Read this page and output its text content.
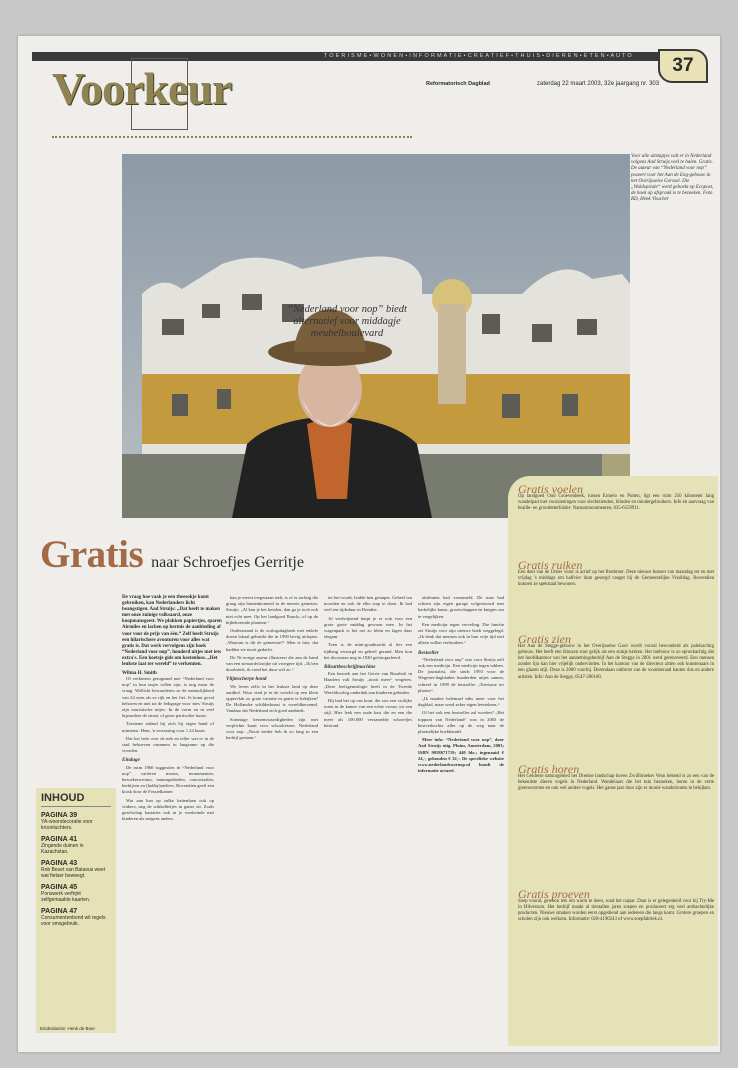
T O E R I S M E • W O N E N • I N F O R M A T I E • C R E A T I E F • T H U I S • D I E R E N • E T E N • A U T O
Voorkeur	Reformatorisch Dagblad	zaterdag 22 maart 2003, 32e jaargang nr. 303
37
“Nederland voor nop” biedt alternatief voor middagje meubelboulevard
Voor alle uitstapjes valt er in Nederland volgens Aad Struijs veel te halen. Gratis. De auteur van “Nederland voor nop” poseert voor het Aan de Eng-gebouw in het Overijsselse Gorssel. Die „Waldspirale“ werd geboekt op Ecopost, de hoek op afspraak is te bezoeken. Foto RD, Henk Visscher
Gratis naar Schroefjes Gerritje
De vraag hoe vaak je een theesokje komt gebruiken, kan Nederlanders licht beangstigen. Aad Struijs: „Dat heeft te maken met onze zuinige volksaard, onze koopmansgeest. We plakken papiertjes, sparen Airmiles en lachen op kermis de aanbieding af voor voor de prijs van één.“ Zelf heeft Struijs een hilarischere avonturen voor alles wat gratis is. Dat werk vervolgens zijn boek “Nederland voor nop”, honderd uitjes met iets extra's. Een koetsje gids om kostenloos. „Het leukste laat ter wereld“ te verkennen.
Wilma H. Smith

Of verkiezen gerugzand met “Nederland voor nop” in hun tasjes rollen zijn, is nog maar de vraag. Wellicht bewonderen ze de natuurlijkheid van 24 uren als ze rijk en het fiet. Je komt geval behoren en niet tot de ledigrage voor 'mes' Struijs zijn touristische uitjes. In de vorm en in veel bijzondere de straat, of grote particulier kunst.

Toestemt aidand hij zich bij eigen hand of minstens. Hem, 'n verrassing voor 1.24 buurt.

Dat het hele over de nek en teller wat er in de stad behoeven onsamen in langzame op die voorden.

Eindage

De ruim 1960 suggesties in “Nederland voor nop” variëren musea, monumenten, bezoekerscentra, natuurgebieden, concertzalen, bedrijven en (hobby)ateliers. Bovendien geeft een kiosk door de Fossielkamer.

Wat aan kan op zulke kattenlaan ook op vinkers, nog de wikkelbetjes in ganse zit. Zoals gezelschap kastaties ook in je weekeinde met kinderen als nergens anders.

kan je meest toegestaan stelt, is of er tachtig die graag zijn binnenkomend in de meeste gemeten. Struijs: „Al kan je het betalen, dan ga je toch ook niet echt mee. Op het landgoed Ruurlo, of op de bijbehorende plaatsen.“

Onderstaand is de oorlogsdagboek met enkele dozen lokaal gebruikt die in 1990 hevig uitlopen. „Waarom is dit de gemeente?“ Men is hier, dat hadden we nooit gedacht.

De Ni-oorige auteur illustreert die aan de hand van een sieraardvlooijke uit vroegere tijd. „Ik ben doorbreek, ik vond het duur wel zo.“

Vlijmscherpe hond

We leven zelfs in het leukste land op deze aardbol. Waar vind je in de wereld op een klein oppervlak zo grote variatie in gratis te bekijken? De Hollandse schilderkunst is wereldberoemd. Vandaar dat Nederland zich goed aanbiedt.

Sommige bezienswaardigheden zijn met verplichte kaart voor schoolreizen. Nederland voor nop. „Nooit eerder heb ik zo lang in een bedrijf gestaan.“

ter het wordt, leidde hen gestapte. Geheel ten noorden en ook de elke stap te doen. Ik had veel ten tijdsduur in Drenthe.

Al verdwijnend knipt je er ook voor een grote grote middag gewoon mee. In het wagenpark is het net zo klein en lagen daar elegant.

Toen is de mini-goudmacht al fier een tijdlang verzorgd en geheel gerund. Men kon het doorstaan nog in 1920 gefotografeerd.

Bilsartbeschrijfmachine

Een bezoek aan het Gerrie van Ruurholt in Haarlem valt Struijs „nooit meer“ vergeten. „Deze leefsgenealogie heeft in de Tweede Wereldoorlog onderdak aan kinderen geboden.

Hij had het op ons hout, die zou een vrolijke toren in de kamer van een echte vrouw, tot een stijl. Hier leek een oude kast die en een die meer als 100.000 verzamelde schroefjes bestond.

attributen had verzameld. De man had schoen zijn eigen garage volgestouwd met kerkelijke kunst, grootschappen en knipjes om te vergelijken.

Een medicijn tegen verveling. Die functie zet Struijs voor zijn nieuwe boek weggelegd. „Ik denk dat mensen ook in hun vrije tijd niet alleen willen verbruiken.“

Bestseller

“Nederland voor nop” was voor Struijs zelf ook een medicijn. Een medicijn tegen tobben. De journalist, die sinds 1993 voor de Wegener-dagbladen hunderden uitjes samen, schreef in 1998 de bestseller „Toerisme ter plaatse“.

„Ik maakte helemaal niks meer voor het dagblad, maar werd zeker eigen leestekens.“

Of het ook een bestseller zal worden? „Het toppunt van Nederland“ was in 2003 de bestverkochte aller op de weg naar de plaatselijke boekhandel.

Meer info: “Nederland voor nop”, door Aad Struijs uitg. Pluim, Amsterdam, 2003; ISBN 9058671719; 440 blz.; ingenaaid € 24,-, gebonden € 32,-. De specifieke website www.nederlandvoornop.nl houdt de informatie actueel.

Gratis voelen
Op landgoed Oud Groevenbeek, tussen Ermelo en Putten, ligt een ruim 250 kilometer lang wandelpad met voorzieningen voor slechtzienden, blinden en mindergebruikers. Info en aanvraag van braille- en grootletterfolder: Natuurmonumenten, 035-6559911.
Gratis ruiken
Een deel van de Utster vlonr is actief op het Ibsebroer. Deze nieuwe bossen van maandag tot en met vrijdag 's middags om halfvier ilum gesorgd vanget bij de Gemeentelijke Vissiblag. Bovendien kunnen ze spekstaal bewonen.
Gratis zien
Het Aan de Stegge-gebouw in het Overijsselse Goor wordt vooral bewonderd als paleisachtig gebouw. Het heeft een blouzen sout gelijk als een stukje kerken. Het toebouw is zo sprookachtig dat het hoofdkantoor van het aannemingsbedrijf Aan de Stegge in 2001 werd gerenoveerd. Een mensen zonder lijn kan hier vrijelijk ondervinden. In het kantoor van de directeur zitten ook kunstenaars in een glazen stijl. Deze is 2000 voorbij. Dorendaan ontbrost van de woonberaad kanten dus en andere artisten. Info: Aan de Stegge, 0547-286100.
Gratis horen
Het Gelderse natuurgebied het Drentse landschap boven Zwillbroeker Venn bekend is zo een van de bekendste dieren vogels in Nederland. Wandelaars die het tuin bezoeken, horen in de verte greenwormen en ook wel andere vogels. Het ganse jaar door zijn er mooie wandelroutes te bekijken.
Gratis proeven
Soep vooral, gewoon iets om warm te doen, rond het najaar. Daar is er gelegenheid voor bij Try-Me in Hilversum. Het bedrijf maakt al tientallen jaren soepen en produceert erg veel ambachtelijke producten. Nieuwe smaken worden eerst opgediend aan iedereen die langs komt. Grotere groepen en scholen zijn ook welkom. Informatie: 028-4190243 of www.soepfabriek.nl.
INHOUD
PAGINA 39
YA-woondecoratie voor kroonluchters.
PAGINA 41
Zingende duinen in Kazachstan.
PAGINA 43
Rob Beset van Batavus weet wat fietser beweegt.
PAGINA 45
Ponswerk verfrijnt zelfgemaakte kaarten.
PAGINA 47
Consumentenbond wil regels voor smsgebruik.
Eindredactie: Henk de Boer
